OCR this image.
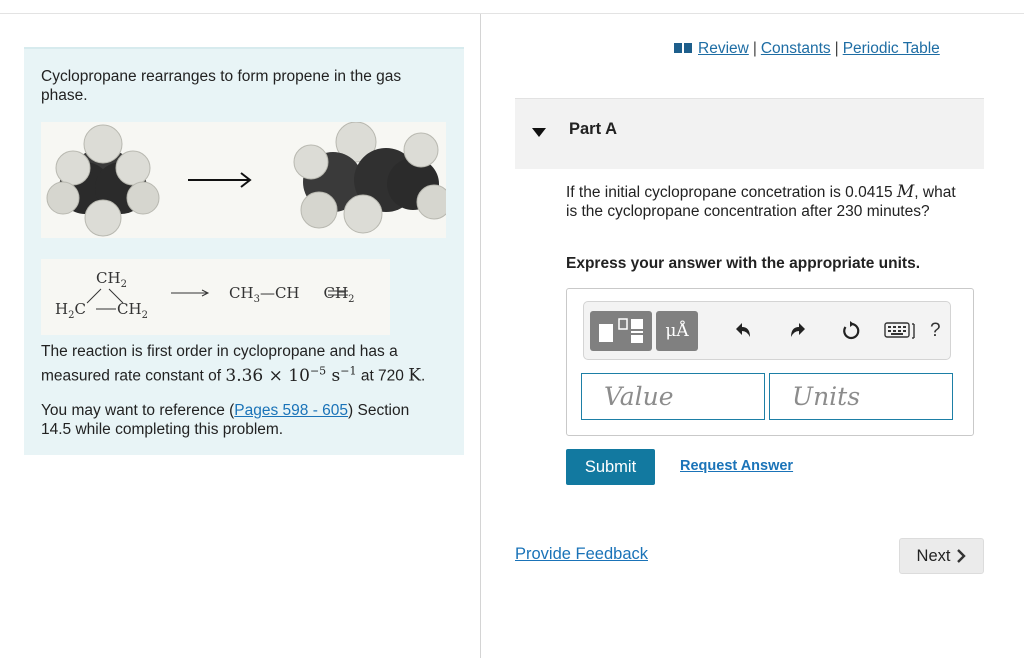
Cyclopropane rearranges to form propene in the gas phase.

$CH_2$
$H_2C$ $CH_2$
$CH_3—CH$ $CH_2$

The reaction is first order in cyclopropane and has a measured rate constant of $3.36 \times 10^{-5}$ $s^{-1}$ at 720 K.

You may want to reference (Pages 598 - 605) Section 14.5 while completing this problem.

Review | Constants | Periodic Table
Part A

If the initial cyclopropane concetration is 0.0415 M, what is the cyclopropane concentration after 230 minutes?

Express your answer with the appropriate units.

μÅ	?
Value
Units
Submit	Request Answer
Provide Feedback	Next
